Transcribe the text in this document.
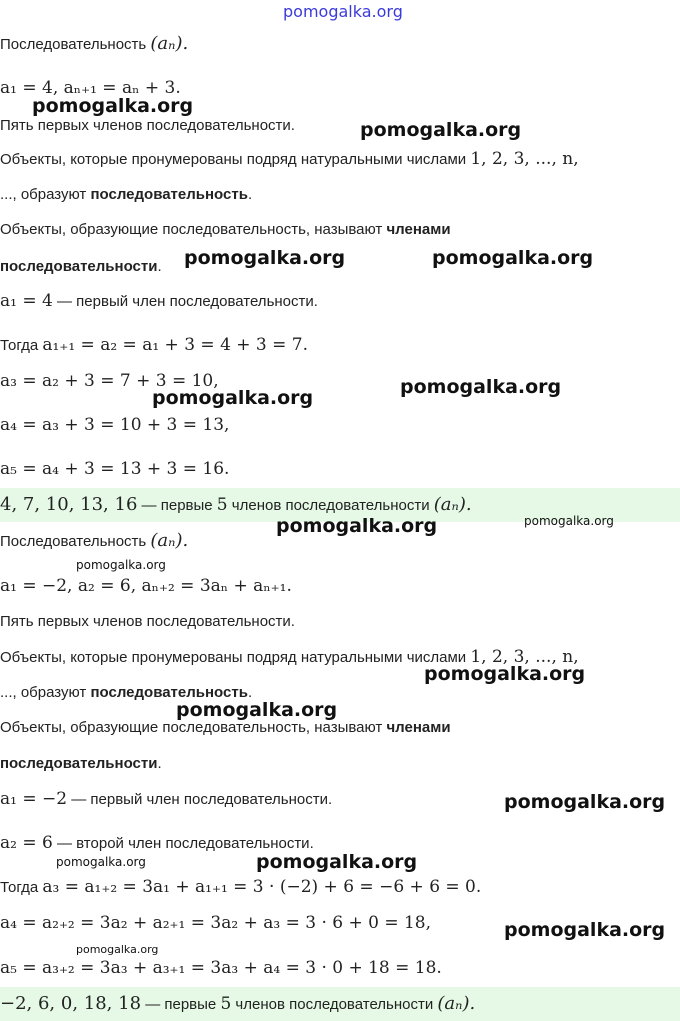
pomogalka.org
Последовательность (aₙ).
a₁ = 4, aₙ₊₁ = aₙ + 3.
Пять первых членов последовательности.
Объекты, которые пронумерованы подряд натуральными числами 1, 2, 3, ..., n,
..., образуют последовательность.
Объекты, образующие последовательность, называют членами
последовательности.
a₁ = 4 — первый член последовательности.
Тогда a₁₊₁ = a₂ = a₁ + 3 = 4 + 3 = 7.
a₃ = a₂ + 3 = 7 + 3 = 10,
a₄ = a₃ + 3 = 10 + 3 = 13,
a₅ = a₄ + 3 = 13 + 3 = 16.
4, 7, 10, 13, 16 — первые 5 членов последовательности (aₙ).
Последовательность (aₙ).
a₁ = −2, a₂ = 6, aₙ₊₂ = 3aₙ + aₙ₊₁.
Пять первых членов последовательности.
Объекты, которые пронумерованы подряд натуральными числами 1, 2, 3, ..., n,
..., образуют последовательность.
Объекты, образующие последовательность, называют членами
последовательности.
a₁ = −2 — первый член последовательности.
a₂ = 6 — второй член последовательности.
Тогда a₃ = a₁₊₂ = 3a₁ + a₁₊₁ = 3 · (−2) + 6 = −6 + 6 = 0.
a₄ = a₂₊₂ = 3a₂ + a₂₊₁ = 3a₂ + a₃ = 3 · 6 + 0 = 18,
a₅ = a₃₊₂ = 3a₃ + a₃₊₁ = 3a₃ + a₄ = 3 · 0 + 18 = 18.
−2, 6, 0, 18, 18 — первые 5 членов последовательности (aₙ).
pomogalka.org
pomogalka.org
pomogalka.org	pomogalka.org
pomogalka.org
pomogalka.org
pomogalka.org	pomogalka.org
pomogalka.org
pomogalka.org
pomogalka.org
pomogalka.org
pomogalka.org	pomogalka.org
pomogalka.org
pomogalka.org
